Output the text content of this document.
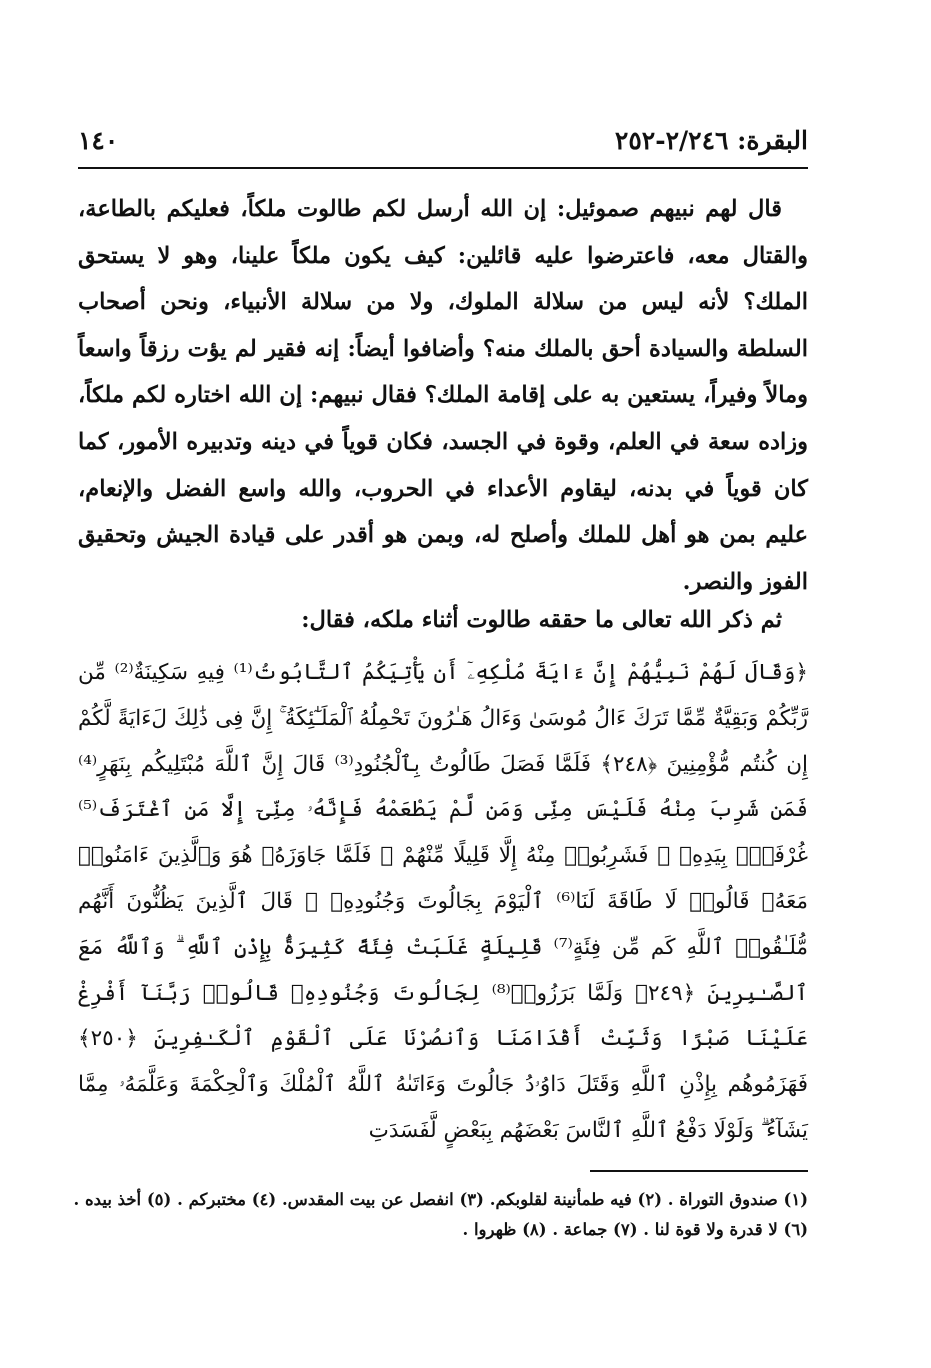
البقرة: ٢/٢٤٦-٢٥٢
١٤٠

قال لهم نبيهم صموئيل: إن الله أرسل لكم طالوت ملكاً، فعليكم بالطاعة، والقتال معه، فاعترضوا عليه قائلين: كيف يكون ملكاً علينا، وهو لا يستحق الملك؟ لأنه ليس من سلالة الملوك، ولا من سلالة الأنبياء، ونحن أصحاب السلطة والسيادة أحق بالملك منه؟ وأضافوا أيضاً: إنه فقير لم يؤت رزقاً واسعاً ومالاً وفيراً، يستعين به على إقامة الملك؟ فقال نبيهم: إن الله اختاره لكم ملكاً، وزاده سعة في العلم، وقوة في الجسد، فكان قوياً في دينه وتدبيره الأمور، كما كان قوياً في بدنه، ليقاوم الأعداء في الحروب، والله واسع الفضل والإنعام، عليم بمن هو أهل للملك وأصلح له، وبمن هو أقدر على قيادة الجيش وتحقيق الفوز والنصر.

ثم ذكر الله تعالى ما حققه طالوت أثناء ملكه، فقال:

﴿وَقَالَ لَهُمْ نَبِيُّهُمْ إِنَّ ءَايَةَ مُلْكِهِۦٓ أَن يَأْتِيَكُمُ ٱلتَّابُوتُ⁽¹⁾ فِيهِ سَكِينَةٌ⁽²⁾ مِّن رَّبِّكُمْ وَبَقِيَّةٌ مِّمَّا تَرَكَ ءَالُ مُوسَىٰ وَءَالُ هَـٰرُونَ تَحْمِلُهُ ٱلْمَلَـٰٓئِكَةُ ۚ إِنَّ فِى ذَٰلِكَ لَءَايَةً لَّكُمْ إِن كُنتُم مُّؤْمِنِينَ ﴿٢٤٨﴾ فَلَمَّا فَصَلَ طَالُوتُ بِٱلْجُنُودِ⁽³⁾ قَالَ إِنَّ ٱللَّهَ مُبْتَلِيكُم بِنَهَرٍ⁽⁴⁾ فَمَن شَرِبَ مِنْهُ فَلَيْسَ مِنِّى وَمَن لَّمْ يَطْعَمْهُ فَإِنَّهُۥ مِنِّىٓ إِلَّا مَنِ ٱغْتَرَفَ⁽⁵⁾ غُرْفَةًۢ بِيَدِهِۦ ۚ فَشَرِبُوا۟ مِنْهُ إِلَّا قَلِيلًا مِّنْهُمْ ۚ فَلَمَّا جَاوَزَهُۥ هُوَ وَٱلَّذِينَ ءَامَنُوا۟ مَعَهُۥ قَالُوا۟ لَا طَاقَةَ لَنَا⁽⁶⁾ ٱلْيَوْمَ بِجَالُوتَ وَجُنُودِهِۦ ۚ قَالَ ٱلَّذِينَ يَظُنُّونَ أَنَّهُم مُّلَـٰقُوا۟ ٱللَّهِ كَم مِّن فِئَةٍ⁽⁷⁾ قَلِيلَةٍ غَلَبَتْ فِئَةً كَثِيرَةًۢ بِإِذْنِ ٱللَّهِ ۗ وَٱللَّهُ مَعَ ٱلصَّـٰبِرِينَ ﴿٢٤٩﴾ وَلَمَّا بَرَزُوا۟⁽⁸⁾ لِجَالُوتَ وَجُنُودِهِۦ قَالُوا۟ رَبَّنَآ أَفْرِغْ عَلَيْنَا صَبْرًا وَثَبِّتْ أَقْدَامَنَا وَٱنصُرْنَا عَلَى ٱلْقَوْمِ ٱلْكَـٰفِرِينَ ﴿٢٥٠﴾ فَهَزَمُوهُم بِإِذْنِ ٱللَّهِ وَقَتَلَ دَاوُۥدُ جَالُوتَ وَءَاتَىٰهُ ٱللَّهُ ٱلْمُلْكَ وَٱلْحِكْمَةَ وَعَلَّمَهُۥ مِمَّا يَشَآءُ ۗ وَلَوْلَا دَفْعُ ٱللَّهِ ٱلنَّاسَ بَعْضَهُم بِبَعْضٍ لَّفَسَدَتِ

(١) صندوق التوراة . (٢) فيه طمأنينة لقلوبكم. (٣) انفصل عن بيت المقدس. (٤) مختبركم . (٥) أخذ بيده .

(٦) لا قدرة ولا قوة لنا . (٧) جماعة . (٨) ظهروا .
